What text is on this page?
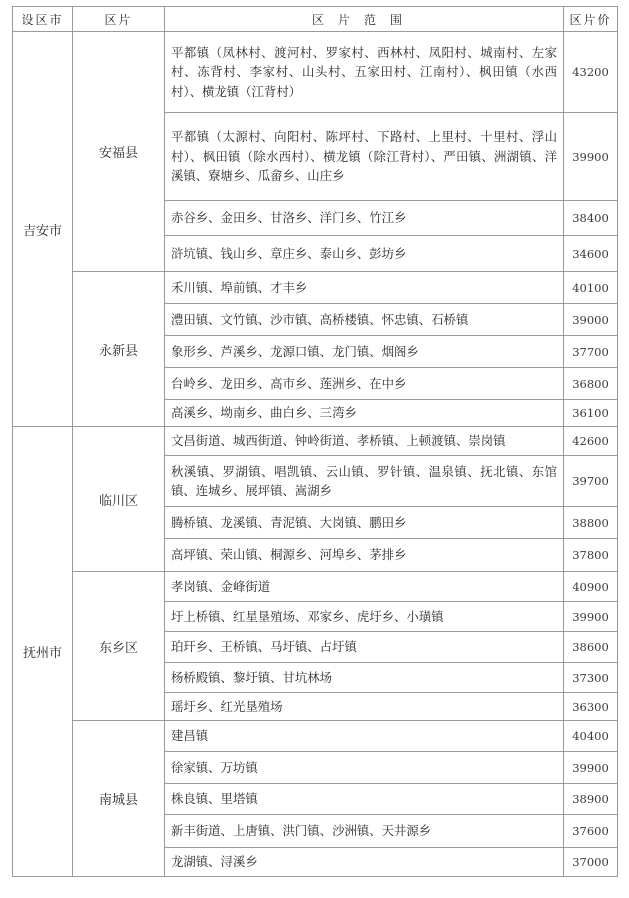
设区市	区片	区片范围	区片价
吉安市	安福县	平都镇（凤林村、渡河村、罗家村、西林村、凤阳村、城南村、左家村、冻背村、李家村、山头村、五家田村、江南村）、枫田镇（水西村）、横龙镇（江背村）	43200
		平都镇（太源村、向阳村、陈坪村、下路村、上里村、十里村、浮山村）、枫田镇（除水西村）、横龙镇（除江背村）、严田镇、洲湖镇、洋溪镇、寮塘乡、瓜畲乡、山庄乡	39900
		赤谷乡、金田乡、甘洛乡、洋门乡、竹江乡	38400
		浒坑镇、钱山乡、章庄乡、泰山乡、彭坊乡	34600
	永新县	禾川镇、埠前镇、才丰乡	40100
		澧田镇、文竹镇、沙市镇、高桥楼镇、怀忠镇、石桥镇	39000
		象形乡、芦溪乡、龙源口镇、龙门镇、烟阁乡	37700
		台岭乡、龙田乡、高市乡、莲洲乡、在中乡	36800
		高溪乡、坳南乡、曲白乡、三湾乡	36100
抚州市	临川区	文昌街道、城西街道、钟岭街道、孝桥镇、上顿渡镇、崇岗镇	42600
		秋溪镇、罗湖镇、唱凯镇、云山镇、罗针镇、温泉镇、抚北镇、东馆镇、连城乡、展坪镇、嵩湖乡	39700
		腾桥镇、龙溪镇、青泥镇、大岗镇、鹏田乡	38800
		高坪镇、荣山镇、桐源乡、河埠乡、茅排乡	37800
	东乡区	孝岗镇、金峰街道	40900
		圩上桥镇、红星垦殖场、邓家乡、虎圩乡、小璜镇	39900
		珀玕乡、王桥镇、马圩镇、占圩镇	38600
		杨桥殿镇、黎圩镇、甘坑林场	37300
		瑶圩乡、红光垦殖场	36300
	南城县	建昌镇	40400
		徐家镇、万坊镇	39900
		株良镇、里塔镇	38900
		新丰街道、上唐镇、洪门镇、沙洲镇、天井源乡	37600
		龙湖镇、浔溪乡	37000
